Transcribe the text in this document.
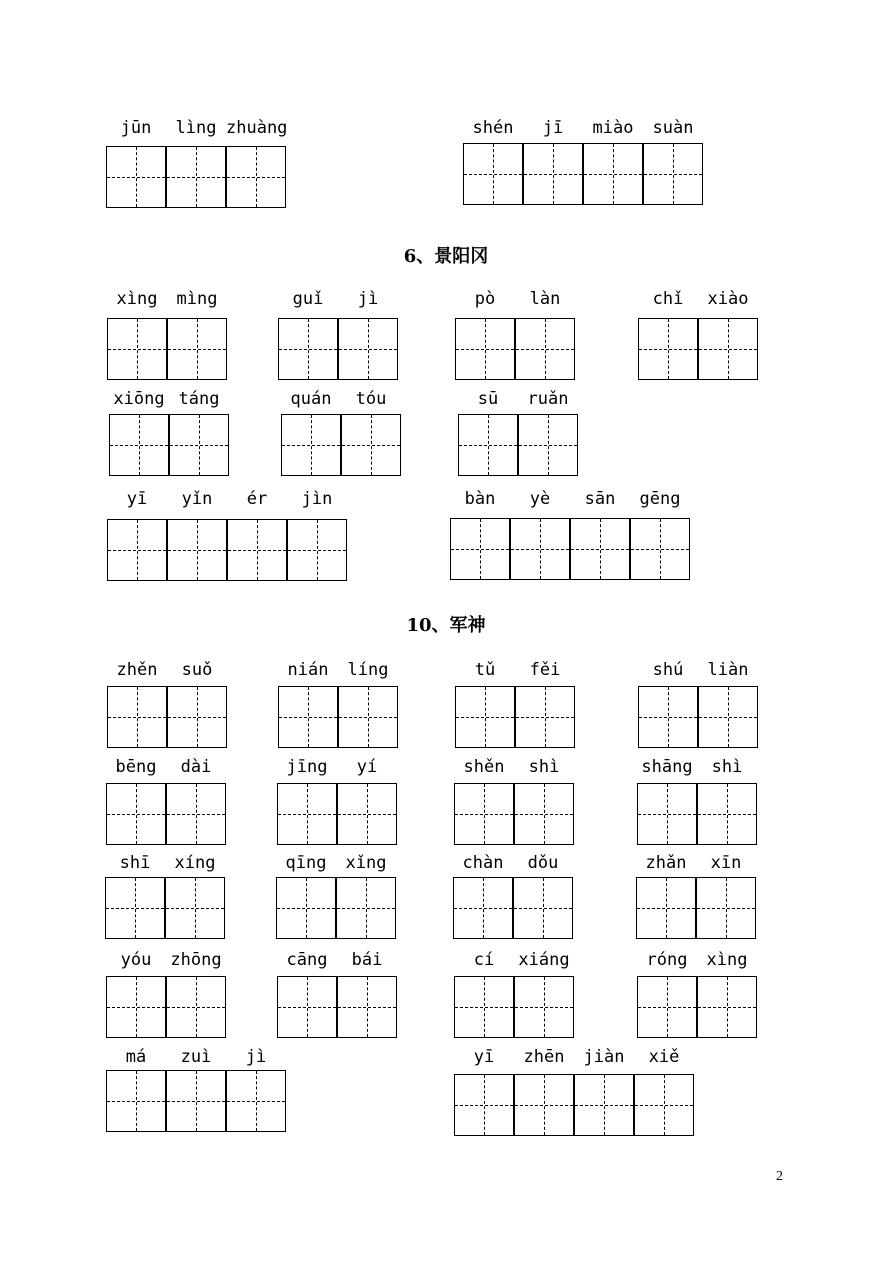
6、景阳冈
10、军神
jūn	lìng zhuàng	shén	jī	miào	suàn
xìng	mìng	guǐ	jì	pò	làn	chǐ	xiào
xiōng táng	quán	tóu	sū	ruǎn
yī	yǐn	ér	jìn	bàn	yè	sān	gēng
zhěn	suǒ	nián	líng	tǔ	fěi	shú	liàn
bēng	dài	jīng	yí	shěn	shì	shāng	shì
shī	xíng	qīng	xǐng	chàn	dǒu	zhǎn	xīn
yóu	zhōng	cāng	bái	cí	xiáng	róng	xìng
má	zuì	jì	yī	zhēn	jiàn	xiě
2
